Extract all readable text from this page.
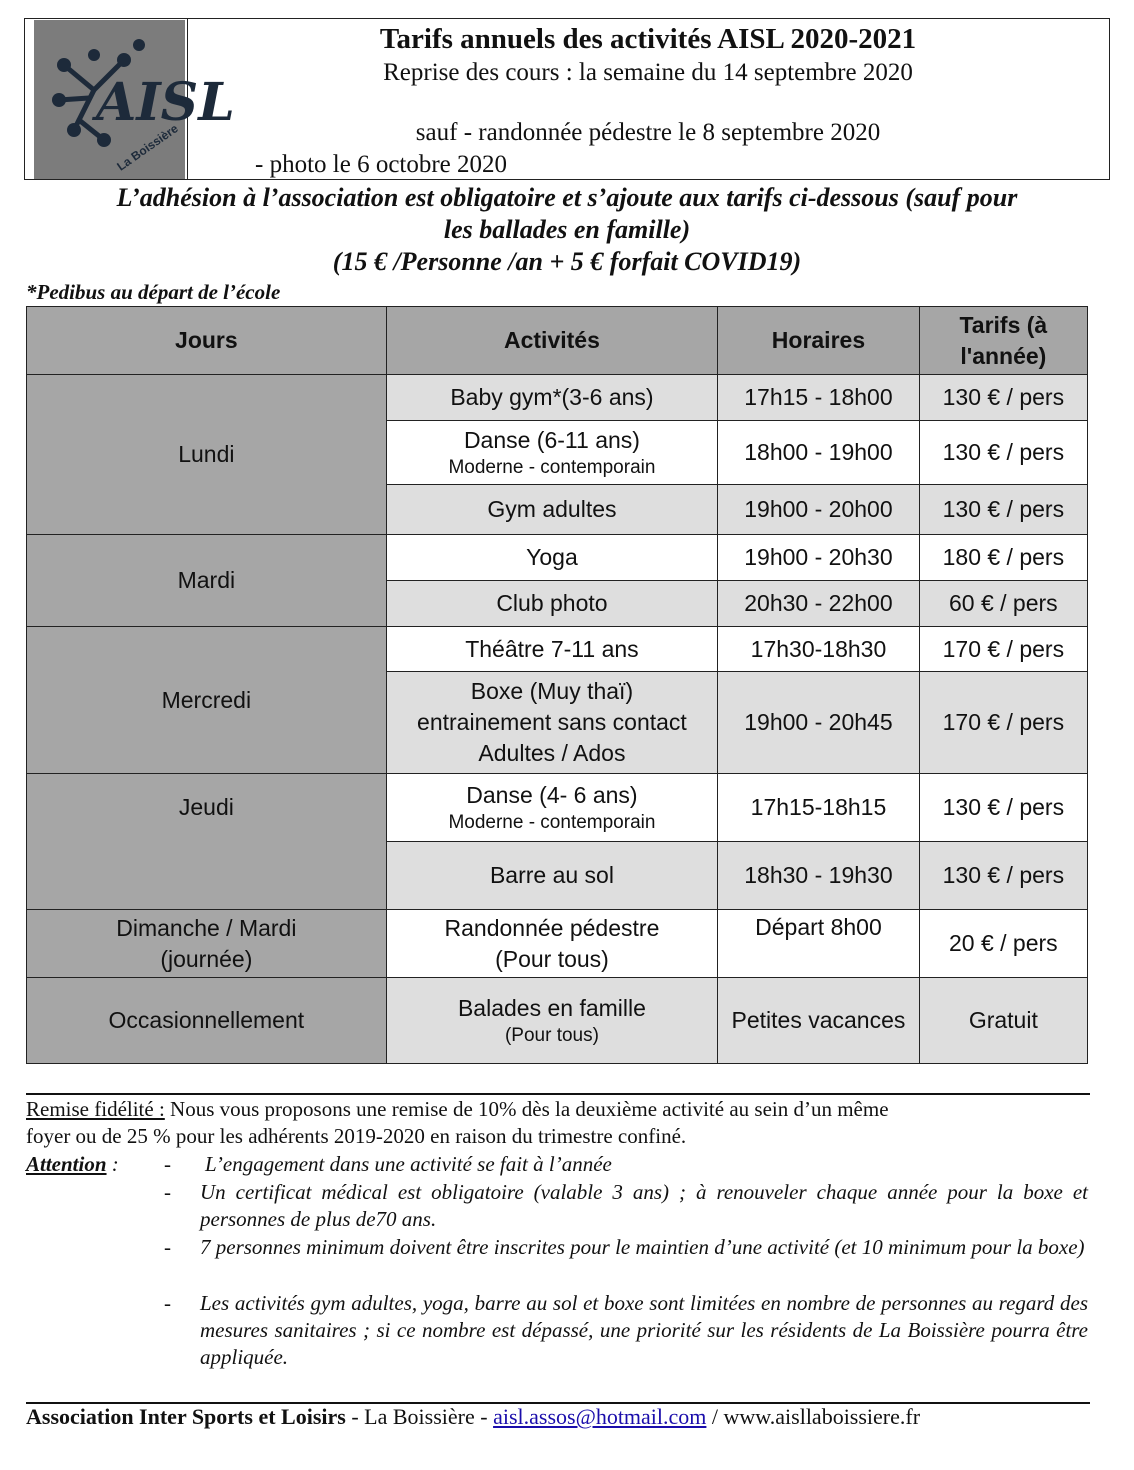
AISL
La Boissière
Tarifs annuels des activités AISL 2020-2021
Reprise des cours : la semaine du 14 septembre 2020
sauf - randonnée pédestre le 8 septembre 2020
- photo le 6 octobre 2020
L’adhésion à l’association est obligatoire et s’ajoute aux tarifs ci-dessous (sauf pour
les ballades en famille)
(15 € /Personne /an + 5 € forfait COVID19)
*Pedibus au départ de l’école
Jours	Activités	Horaires	Tarifs (à
l'année)
Lundi	Baby gym*(3-6 ans)	17h15 - 18h00	130 € / pers
	Danse (6-11 ans)
Moderne - contemporain	18h00 - 19h00	130 € / pers
	Gym adultes	19h00 - 20h00	130 € / pers
Mardi	Yoga	19h00 - 20h30	180 € / pers
	Club photo	20h30 - 22h00	60 € / pers
Mercredi	Théâtre 7-11 ans	17h30-18h30	170 € / pers
	Boxe (Muy thaï)
entrainement sans contact
Adultes / Ados	19h00 - 20h45	170 € / pers
Jeudi	Danse (4- 6 ans)
Moderne - contemporain	17h15-18h15	130 € / pers
	Barre au sol	18h30 - 19h30	130 € / pers
Dimanche / Mardi
(journée)	Randonnée pédestre
(Pour tous)	Départ 8h00	20 € / pers
Occasionnellement	Balades en famille
(Pour tous)	Petites vacances	Gratuit
Remise fidélité : Nous vous proposons une remise de 10% dès la deuxième activité au sein d’un même
foyer ou de 25 % pour les adhérents 2019-2020 en raison du trimestre confiné.
Attention : - L’engagement dans une activité se fait à l’année
- Un certificat médical est obligatoire (valable 3 ans) ; à renouveler chaque année pour la boxe et personnes de plus de70 ans.
- 7 personnes minimum doivent être inscrites pour le maintien d’une activité (et 10 minimum pour la boxe)
- Les activités gym adultes, yoga, barre au sol et boxe sont limitées en nombre de personnes au regard des mesures sanitaires ; si ce nombre est dépassé, une priorité sur les résidents de La Boissière pourra être appliquée.
Association Inter Sports et Loisirs - La Boissière - aisl.assos@hotmail.com / www.aisllaboissiere.fr
